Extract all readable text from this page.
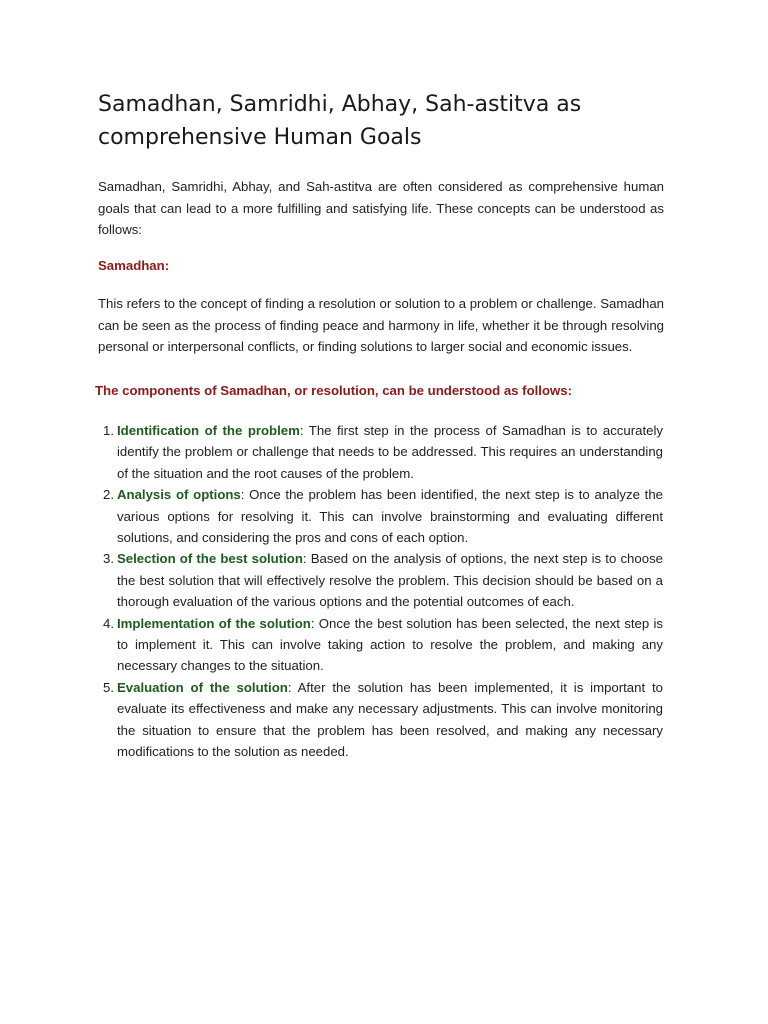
Samadhan, Samridhi, Abhay, Sah-astitva as comprehensive Human Goals

Samadhan, Samridhi, Abhay, and Sah-astitva are often considered as comprehensive human goals that can lead to a more fulfilling and satisfying life. These concepts can be understood as follows:

Samadhan:

This refers to the concept of finding a resolution or solution to a problem or challenge. Samadhan can be seen as the process of finding peace and harmony in life, whether it be through resolving personal or interpersonal conflicts, or finding solutions to larger social and economic issues.

The components of Samadhan, or resolution, can be understood as follows:
1. Identification of the problem: The first step in the process of Samadhan is to accurately identify the problem or challenge that needs to be addressed. This requires an understanding of the situation and the root causes of the problem.
2. Analysis of options: Once the problem has been identified, the next step is to analyze the various options for resolving it. This can involve brainstorming and evaluating different solutions, and considering the pros and cons of each option.
3. Selection of the best solution: Based on the analysis of options, the next step is to choose the best solution that will effectively resolve the problem. This decision should be based on a thorough evaluation of the various options and the potential outcomes of each.
4. Implementation of the solution: Once the best solution has been selected, the next step is to implement it. This can involve taking action to resolve the problem, and making any necessary changes to the situation.
5. Evaluation of the solution: After the solution has been implemented, it is important to evaluate its effectiveness and make any necessary adjustments. This can involve monitoring the situation to ensure that the problem has been resolved, and making any necessary modifications to the solution as needed.
